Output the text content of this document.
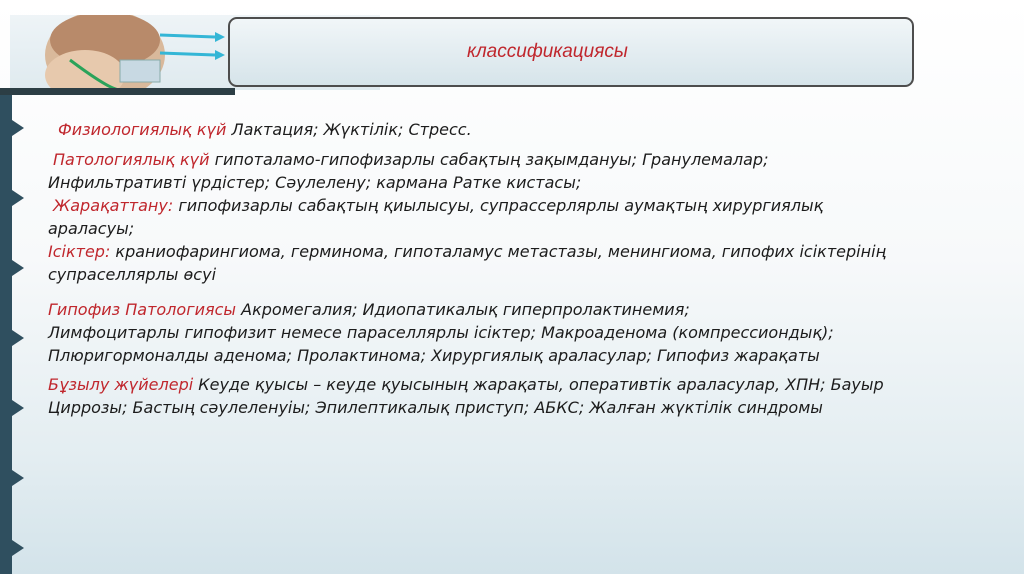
классификациясы

Физиологиялық күй Лактация; Жүктілік; Стресс.

Патологиялық күй гипоталамо-гипофизарлы сабақтың зақымдануы; Гранулемалар;
Инфильтративті үрдістер; Сәулелену; кармана Ратке кистасы;

Жарақаттану: гипофизарлы сабақтың қиылысуы, супрассерлярлы аумақтың хирургиялық
араласуы;

Ісіктер: краниофарингиома, герминома, гипоталамус метастазы, менингиома, гипофих ісіктерінің
супраселлярлы өсуі

Гипофиз Патологиясы Акромегалия; Идиопатикалық гиперпролактинемия;
Лимфоцитарлы гипофизит немесе параселлярлы ісіктер; Макроаденома (компрессиондық);
Плюригормоналды аденома; Пролактинома; Хирургиялық араласулар; Гипофиз жарақаты

Бұзылу жүйелері Кеуде қуысы – кеуде қуысының жарақаты, оперативтік араласулар, ХПН; Бауыр
Циррозы; Бастың сәулеленуіы; Эпилептикалық приступ; АБКС; Жалған жүктілік синдромы
